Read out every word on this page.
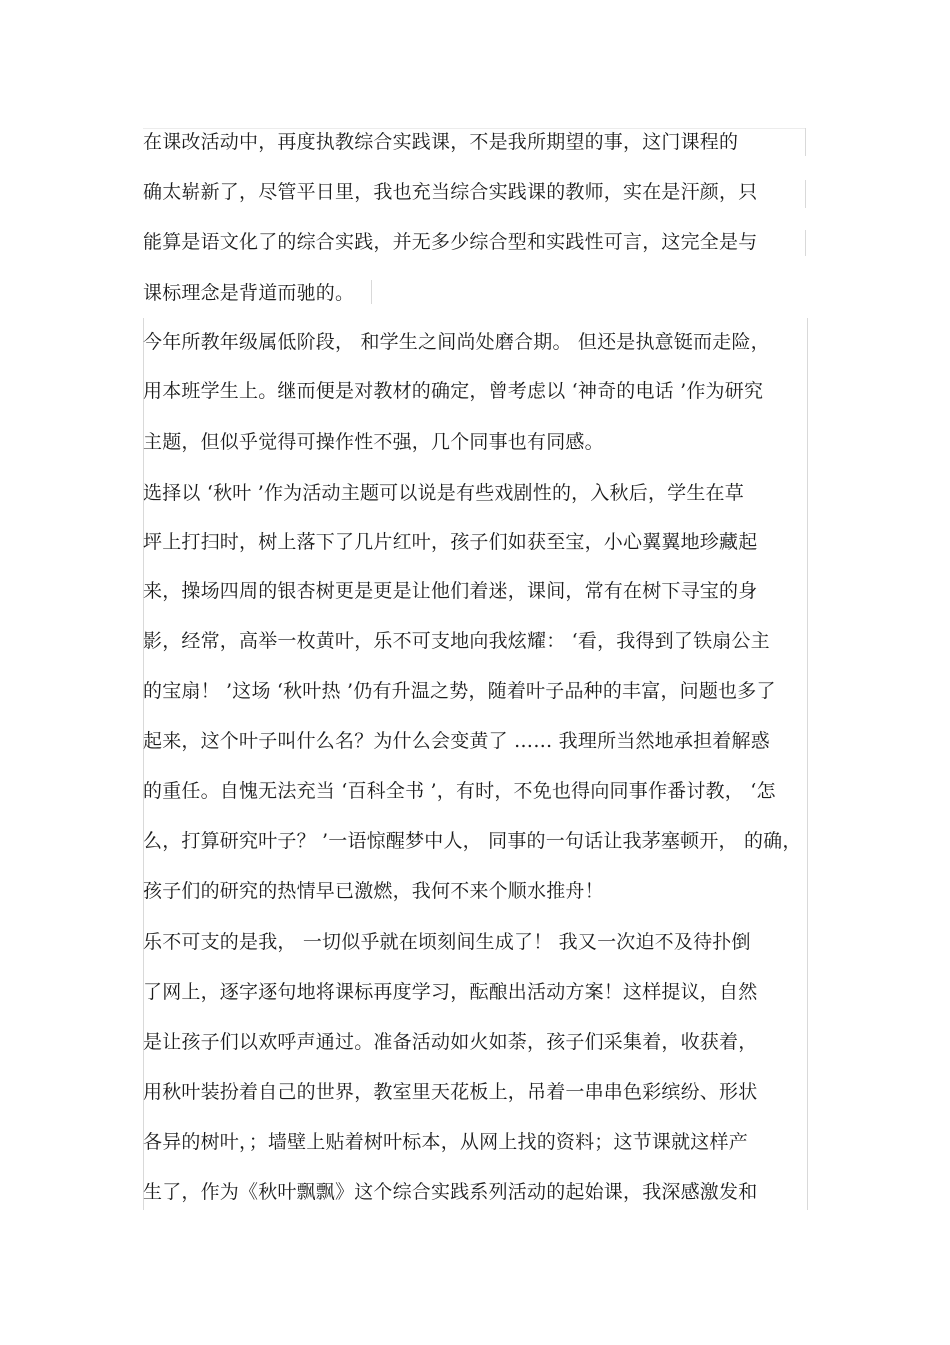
在课改活动中，再度执教综合实践课，不是我所期望的事，这门课程的
确太崭新了，尽管平日里，我也充当综合实践课的教师，实在是汗颜，只
能算是语文化了的综合实践，并无多少综合型和实践性可言，这完全是与
课标理念是背道而驰的。
今年所教年级属低阶段， 和学生之间尚处磨合期。 但还是执意铤而走险，
用本班学生上。继而便是对教材的确定，曾考虑以 ‘神奇的电话 ’作为研究
主题，但似乎觉得可操作性不强，几个同事也有同感。
选择以 ‘秋叶 ’作为活动主题可以说是有些戏剧性的，入秋后，学生在草
坪上打扫时，树上落下了几片红叶，孩子们如获至宝，小心翼翼地珍藏起
来，操场四周的银杏树更是更是让他们着迷，课间，常有在树下寻宝的身
影，经常，高举一枚黄叶，乐不可支地向我炫耀： ‘看，我得到了铁扇公主
的宝扇！ ’这场 ‘秋叶热 ’仍有升温之势，随着叶子品种的丰富，问题也多了
起来，这个叶子叫什么名？为什么会变黄了 …… 我理所当然地承担着解惑
的重任。自愧无法充当 ‘百科全书 ’，有时，不免也得向同事作番讨教， ‘怎
么，打算研究叶子？ ’一语惊醒梦中人， 同事的一句话让我茅塞顿开， 的确，
孩子们的研究的热情早已激燃，我何不来个顺水推舟！
乐不可支的是我， 一切似乎就在顷刻间生成了！ 我又一次迫不及待扑倒
了网上，逐字逐句地将课标再度学习，酝酿出活动方案！这样提议，自然
是让孩子们以欢呼声通过。准备活动如火如荼，孩子们采集着，收获着，
用秋叶装扮着自己的世界，教室里天花板上，吊着一串串色彩缤纷、形状
各异的树叶，；墙壁上贴着树叶标本，从网上找的资料；这节课就这样产
生了，作为《秋叶飘飘》这个综合实践系列活动的起始课，我深感激发和
